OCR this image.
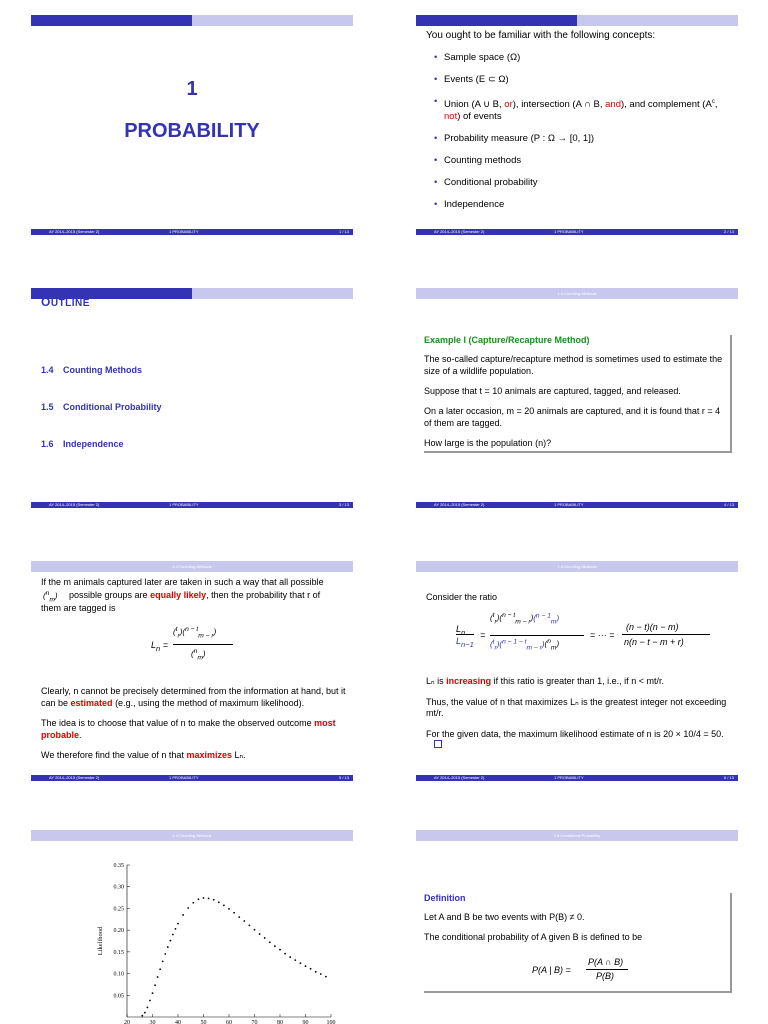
1
PROBABILITY
AY 2014–2015 (Semester 2)	1 PROBABILITY	1 / 13
You ought to be familiar with the following concepts:
• Sample space (Ω)
• Events (E ⊂ Ω)
• Union (A ∪ B, or), intersection (A ∩ B, and), and complement ($A^c$,
not) of events
• Probability measure (P : Ω → [0, 1])
• Counting methods
• Conditional probability
• Independence
AY 2014–2015 (Semester 2)	1 PROBABILITY	2 / 13
OUTLINE
1.4 Counting Methods
1.5 Conditional Probability
1.6 Independence
AY 2014–2015 (Semester 2)	1 PROBABILITY	3 / 13
1.4 Counting Methods
Example I (Capture/Recapture Method)

The so-called capture/recapture method is sometimes used to estimate the size of a wildlife population.

Suppose that t = 10 animals are captured, tagged, and released.

On a later occasion, m = 20 animals are captured, and it is found that r = 4 of them are tagged.

How large is the population (n)?

AY 2014–2015 (Semester 2)	1 PROBABILITY	4 / 13
1.4 Counting Methods
If the m animals captured later are taken in such a way that all possible
($^n_m$) possible groups are equally likely, then the probability that r of
them are tagged is
$L_n$ =
($^t_r$)($^{n - t}_{m - r}$)
($^n_m$)

Clearly, n cannot be precisely determined from the information at hand, but it can be estimated (e.g., using the method of maximum likelihood).

The idea is to choose that value of n to make the observed outcome most probable.

We therefore find the value of n that maximizes Lₙ.

AY 2014–2015 (Semester 2)	1 PROBABILITY	5 / 13
1.4 Counting Methods
Consider the ratio
$L_n$
$L_{n-1}$
=
($^t_r$)($^{n - t}_{m - r}$)($^{n - 1}_m$)
($^t_r$)($^{n - 1 - t}_{m - r}$)($^n_m$)
= ··· =
(n − t)(n − m)
n(n − t − m + r)

Lₙ is increasing if this ratio is greater than 1, i.e., if n < mt/r.

Thus, the value of n that maximizes Lₙ is the greatest integer not exceeding mt/r.

For the given data, the maximum likelihood estimate of n is 20 × 10/4 = 50.

AY 2014–2015 (Semester 2)	1 PROBABILITY	6 / 13
1.4 Counting Methods
0.05
0.10
0.15
0.20
0.25
0.30
0.35
20	30	40	50	60	70	80	90	100
Likelihood
1.5 Conditional Probability
Definition

Let A and B be two events with P(B) ≠ 0.

The conditional probability of A given B is defined to be

P(A | B) =
P(A ∩ B)
P(B)
